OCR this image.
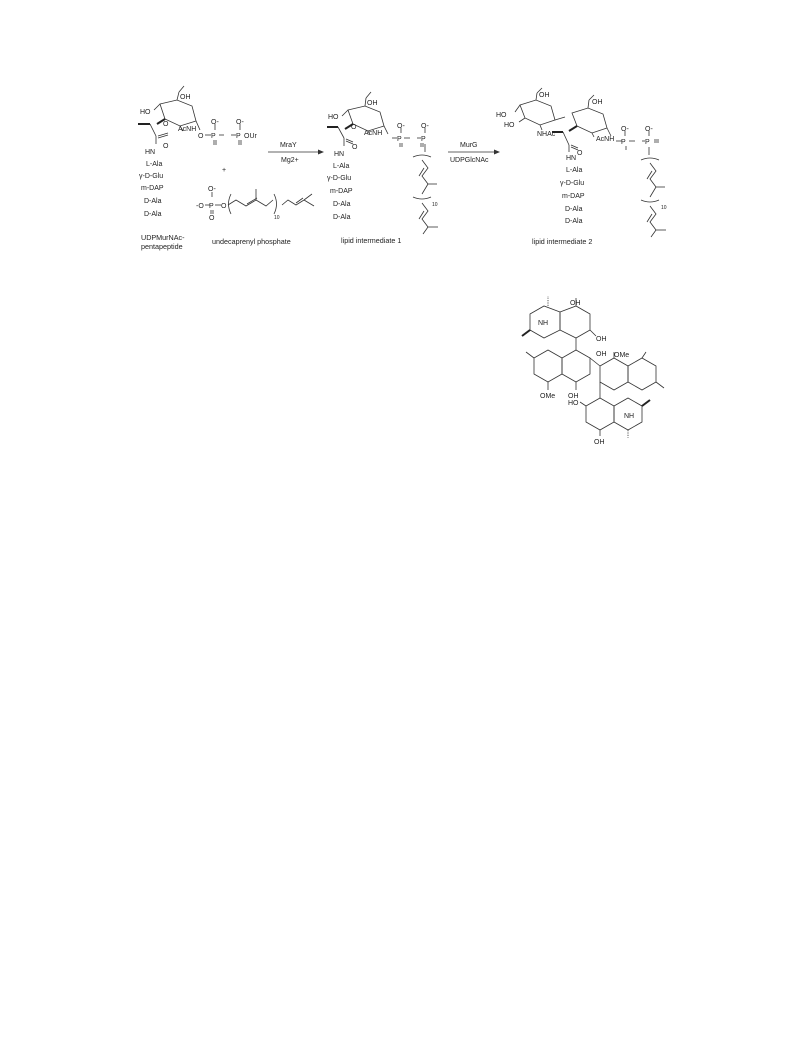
OH
HO
O
AcNH
O
O
O-
P
O-
P OUr
HN
L-Ala
γ-D-Glu
m-DAP
D-Ala
D-Ala
UDPMurNAc-
pentapeptide
+
O-
-O P
O
O
10
undecaprenyl phosphate
MraY
Mg2+
OH
HO
O
AcNH
O
O-
P
O-
P
10
HN
L-Ala
γ-D-Glu
m-DAP
D-Ala
D-Ala
lipid intermediate 1
MurG
UDPGlcNAc
OH
HO
HO
NHAc
OH
AcNH
O
O-
P
O-
P
10
HN
L-Ala
γ-D-Glu
m-DAP
D-Ala
D-Ala
lipid intermediate 2
OH
OH
OH OMe
OMe OH
HO
OH
NH
NH
